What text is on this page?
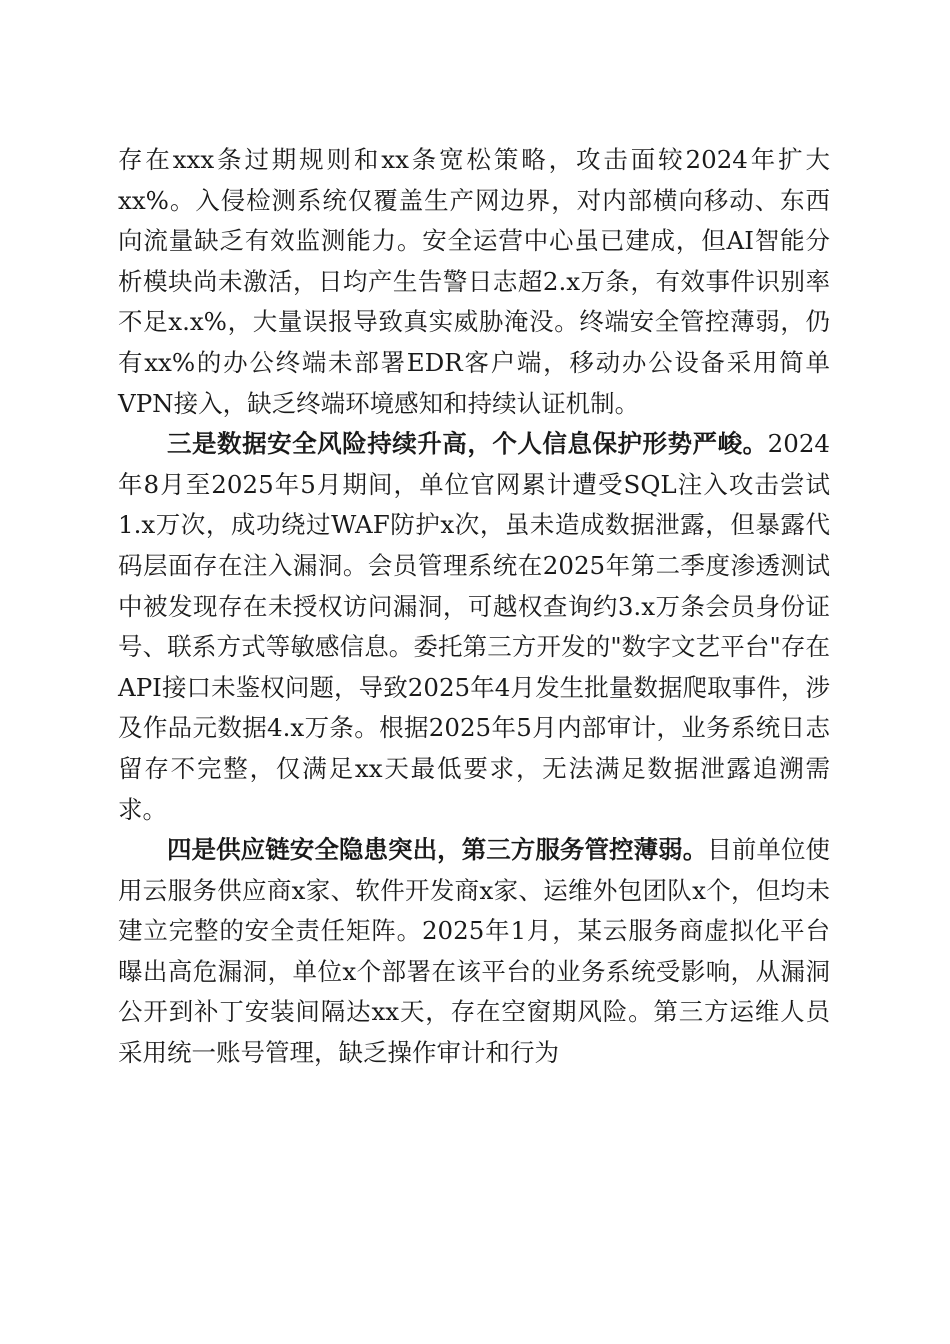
存在xxx条过期规则和xx条宽松策略，攻击面较2024年扩大xx%。入侵检测系统仅覆盖生产网边界，对内部横向移动、东西向流量缺乏有效监测能力。安全运营中心虽已建成，但AI智能分析模块尚未激活，日均产生告警日志超2.x万条，有效事件识别率不足x.x%，大量误报导致真实威胁淹没。终端安全管控薄弱，仍有xx%的办公终端未部署EDR客户端，移动办公设备采用简单VPN接入，缺乏终端环境感知和持续认证机制。

三是数据安全风险持续升高，个人信息保护形势严峻。2024年8月至2025年5月期间，单位官网累计遭受SQL注入攻击尝试1.x万次，成功绕过WAF防护x次，虽未造成数据泄露，但暴露代码层面存在注入漏洞。会员管理系统在2025年第二季度渗透测试中被发现存在未授权访问漏洞，可越权查询约3.x万条会员身份证号、联系方式等敏感信息。委托第三方开发的"数字文艺平台"存在API接口未鉴权问题，导致2025年4月发生批量数据爬取事件，涉及作品元数据4.x万条。根据2025年5月内部审计，业务系统日志留存不完整，仅满足xx天最低要求，无法满足数据泄露追溯需求。

四是供应链安全隐患突出，第三方服务管控薄弱。目前单位使用云服务供应商x家、软件开发商x家、运维外包团队x个，但均未建立完整的安全责任矩阵。2025年1月，某云服务商虚拟化平台曝出高危漏洞，单位x个部署在该平台的业务系统受影响，从漏洞公开到补丁安装间隔达xx天，存在空窗期风险。第三方运维人员采用统一账号管理，缺乏操作审计和行为
